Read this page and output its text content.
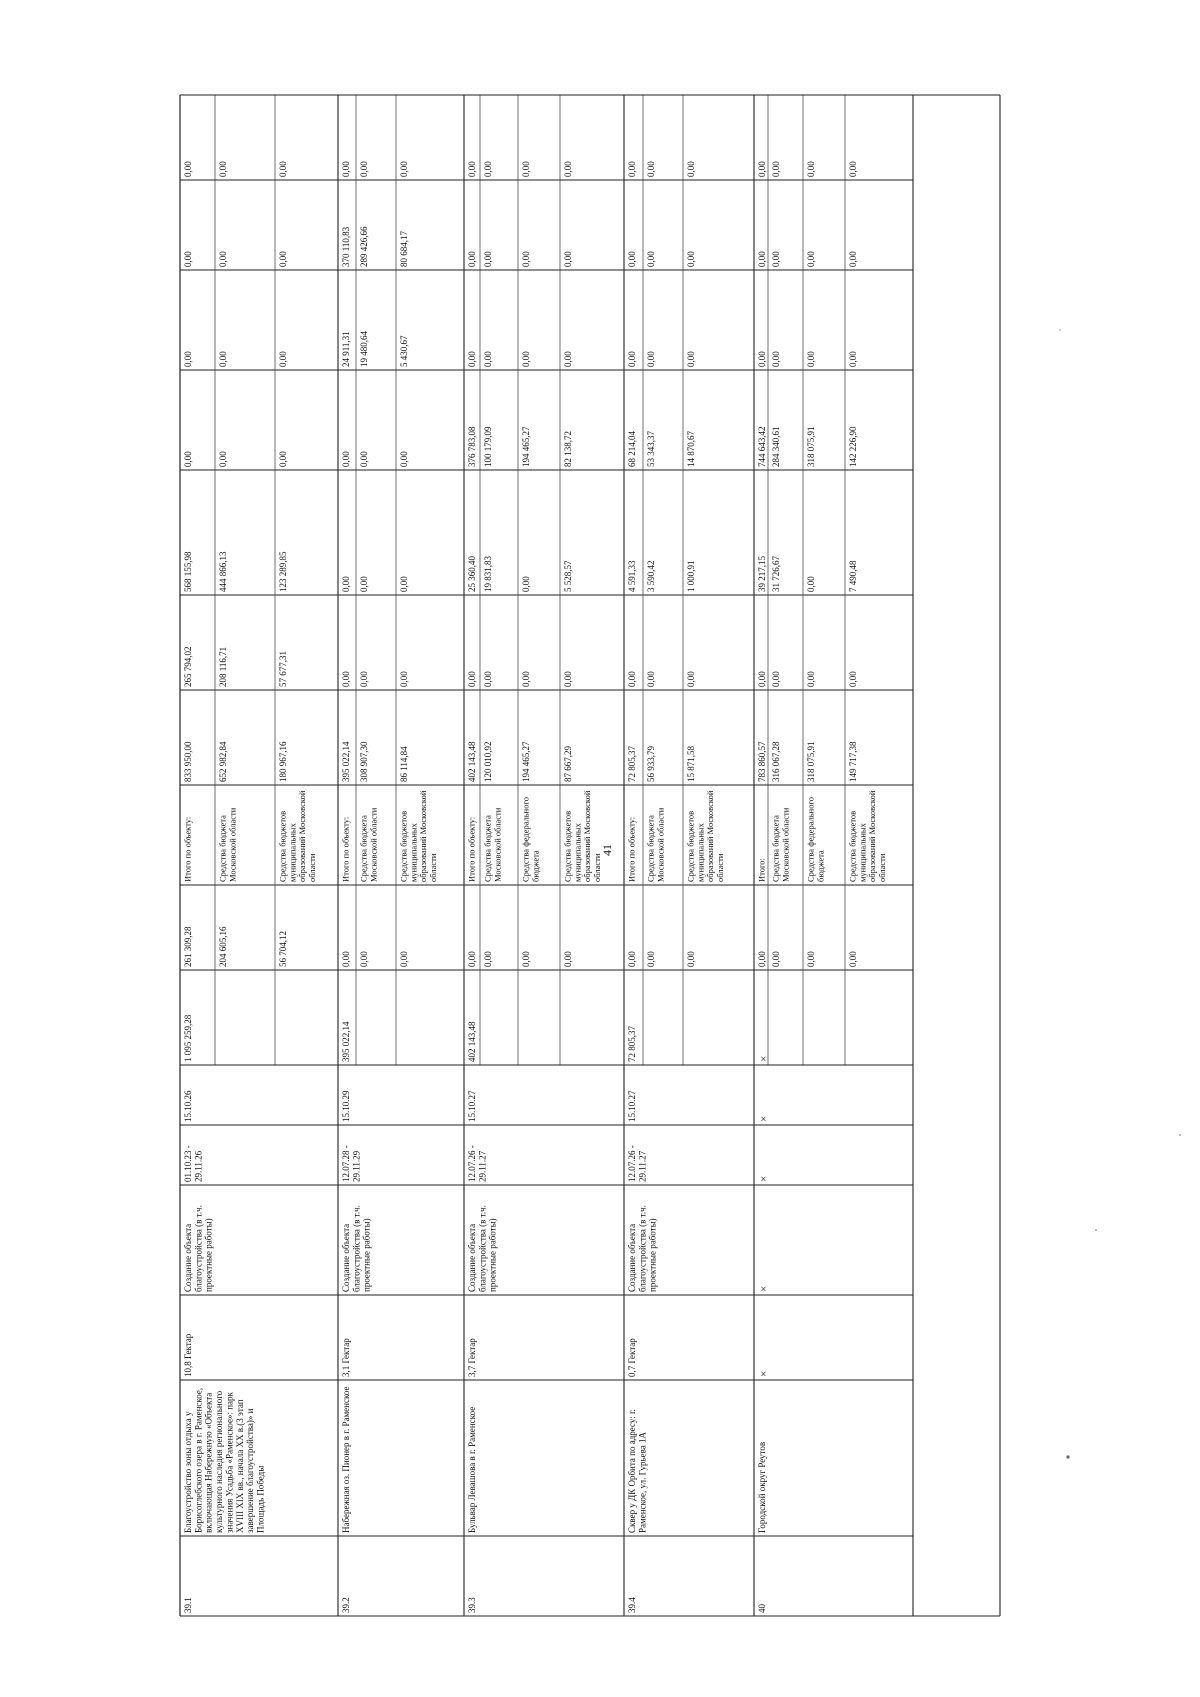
39.1
Благоустройство зоны отдыха уБорисоглебского озера в г. Раменское,включающая Набережную «Объектакультурного наследия региональногозначения Усадьба «Раменское»: паркXVIII XIX вв., начала XX в.(3 этапзавершение благоустройства)» иПлощадь Победы
10,8 Гектар
Создание объектаблагоустройства (в т.ч.проектные работы)
01.10.23 -29.11.26
15.10.26
1 095 259,28
261 309,28
Итого по объекту:
833 950,00
265 794,02
568 155,98
0,00
0,00
0,00
0,00
204 605,16
Средства бюджетаМосковской области
652 982,84
208 116,71
444 866,13
0,00
0,00
0,00
0,00
56 704,12
Средства бюджетовмуниципальныхобразований Московскойобласти
180 967,16
57 677,31
123 289,85
0,00
0,00
0,00
0,00
39.2
Набережная оз. Пионер в г. Раменское
3,1 Гектар
Создание объектаблагоустройства (в т.ч.проектные работы)
12.07.28 -29.11.29
15.10.29
395 022,14
0,00
Итого по объекту:
395 022,14
0,00
0,00
0,00
24 911,31
370 110,83
0,00
0,00
Средства бюджетаМосковской области
308 907,30
0,00
0,00
0,00
19 480,64
289 426,66
0,00
0,00
Средства бюджетовмуниципальныхобразований Московскойобласти
86 114,84
0,00
0,00
0,00
5 430,67
80 684,17
0,00
39.3
Бульвар Левашова в г. Раменское
3,7 Гектар
Создание объектаблагоустройства (в т.ч.проектные работы)
12.07.26 -29.11.27
15.10.27
402 143,48
0,00
Итого по объекту:
402 143,48
0,00
25 360,40
376 783,08
0,00
0,00
0,00
0,00
Средства бюджетаМосковской области
120 010,92
0,00
19 831,83
100 179,09
0,00
0,00
0,00
0,00
Средства федеральногобюджета
194 465,27
0,00
0,00
194 465,27
0,00
0,00
0,00
0,00
Средства бюджетовмуниципальныхобразований Московскойобласти
87 667,29
0,00
5 528,57
82 138,72
0,00
0,00
0,00
39.4
Сквер у ДК Орбита по адресу: г.Раменское, ул. Гурьева 1А
0,7 Гектар
Создание объектаблагоустройства (в т.ч.проектные работы)
12.07.26 -29.11.27
15.10.27
72 805,37
0,00
Итого по объекту:
72 805,37
0,00
4 591,33
68 214,04
0,00
0,00
0,00
0,00
Средства бюджетаМосковской области
56 933,79
0,00
3 590,42
53 343,37
0,00
0,00
0,00
0,00
Средства бюджетовмуниципальныхобразований Московскойобласти
15 871,58
0,00
1 000,91
14 870,67
0,00
0,00
0,00
40
Городской округ Реутов
×
×
×
×
×
0,00
Итого:
783 860,57
0,00
39 217,15
744 643,42
0,00
0,00
0,00
0,00
Средства бюджетаМосковской области
316 067,28
0,00
31 726,67
284 340,61
0,00
0,00
0,00
0,00
Средства федеральногобюджета
318 075,91
0,00
0,00
318 075,91
0,00
0,00
0,00
0,00
Средства бюджетовмуниципальныхобразований Московскойобласти
149 717,38
0,00
7 490,48
142 226,90
0,00
0,00
0,00
41
